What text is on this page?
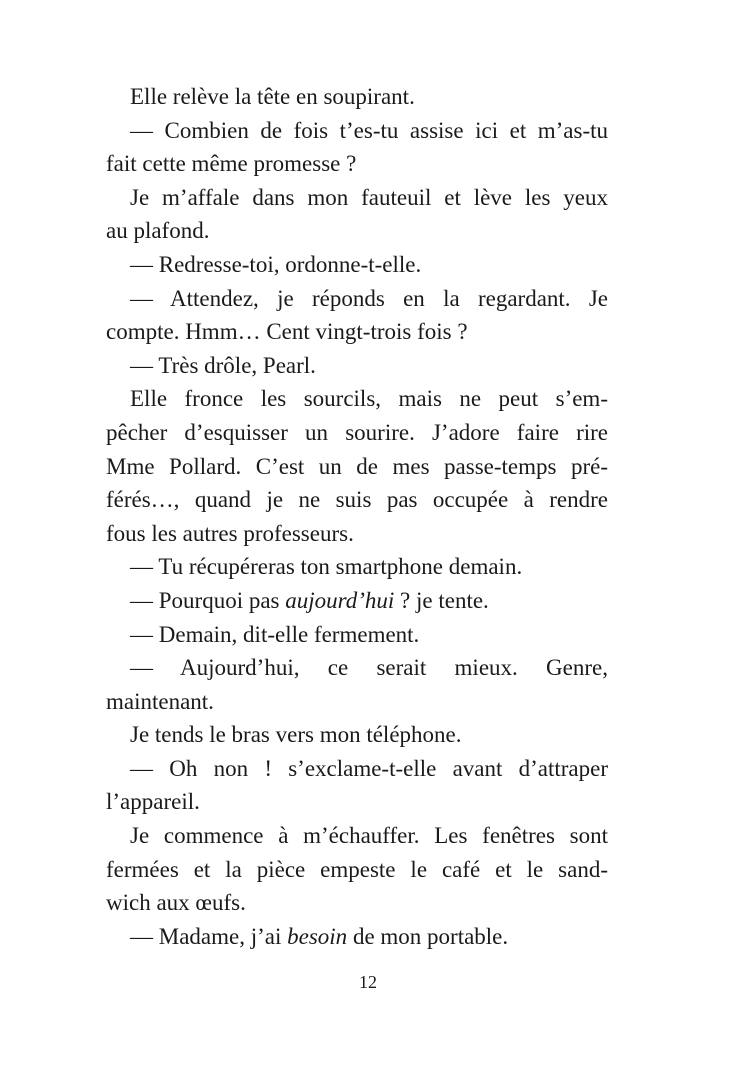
Elle relève la tête en soupirant.
— Combien de fois t’es-tu assise ici et m’as-tu
fait cette même promesse ?
Je m’affale dans mon fauteuil et lève les yeux
au plafond.
— Redresse-toi, ordonne-t-elle.
— Attendez, je réponds en la regardant. Je
compte. Hmm… Cent vingt-trois fois ?
— Très drôle, Pearl.
Elle fronce les sourcils, mais ne peut s’em-
pêcher d’esquisser un sourire. J’adore faire rire
Mme Pollard. C’est un de mes passe-temps pré-
férés…, quand je ne suis pas occupée à rendre
fous les autres professeurs.
— Tu récupéreras ton smartphone demain.
— Pourquoi pas aujourd’hui ? je tente.
— Demain, dit-elle fermement.
— Aujourd’hui, ce serait mieux. Genre,
maintenant.
Je tends le bras vers mon téléphone.
— Oh non ! s’exclame-t-elle avant d’attraper
l’appareil.
Je commence à m’échauffer. Les fenêtres sont
fermées et la pièce empeste le café et le sand-
wich aux œufs.
— Madame, j’ai besoin de mon portable.
12
